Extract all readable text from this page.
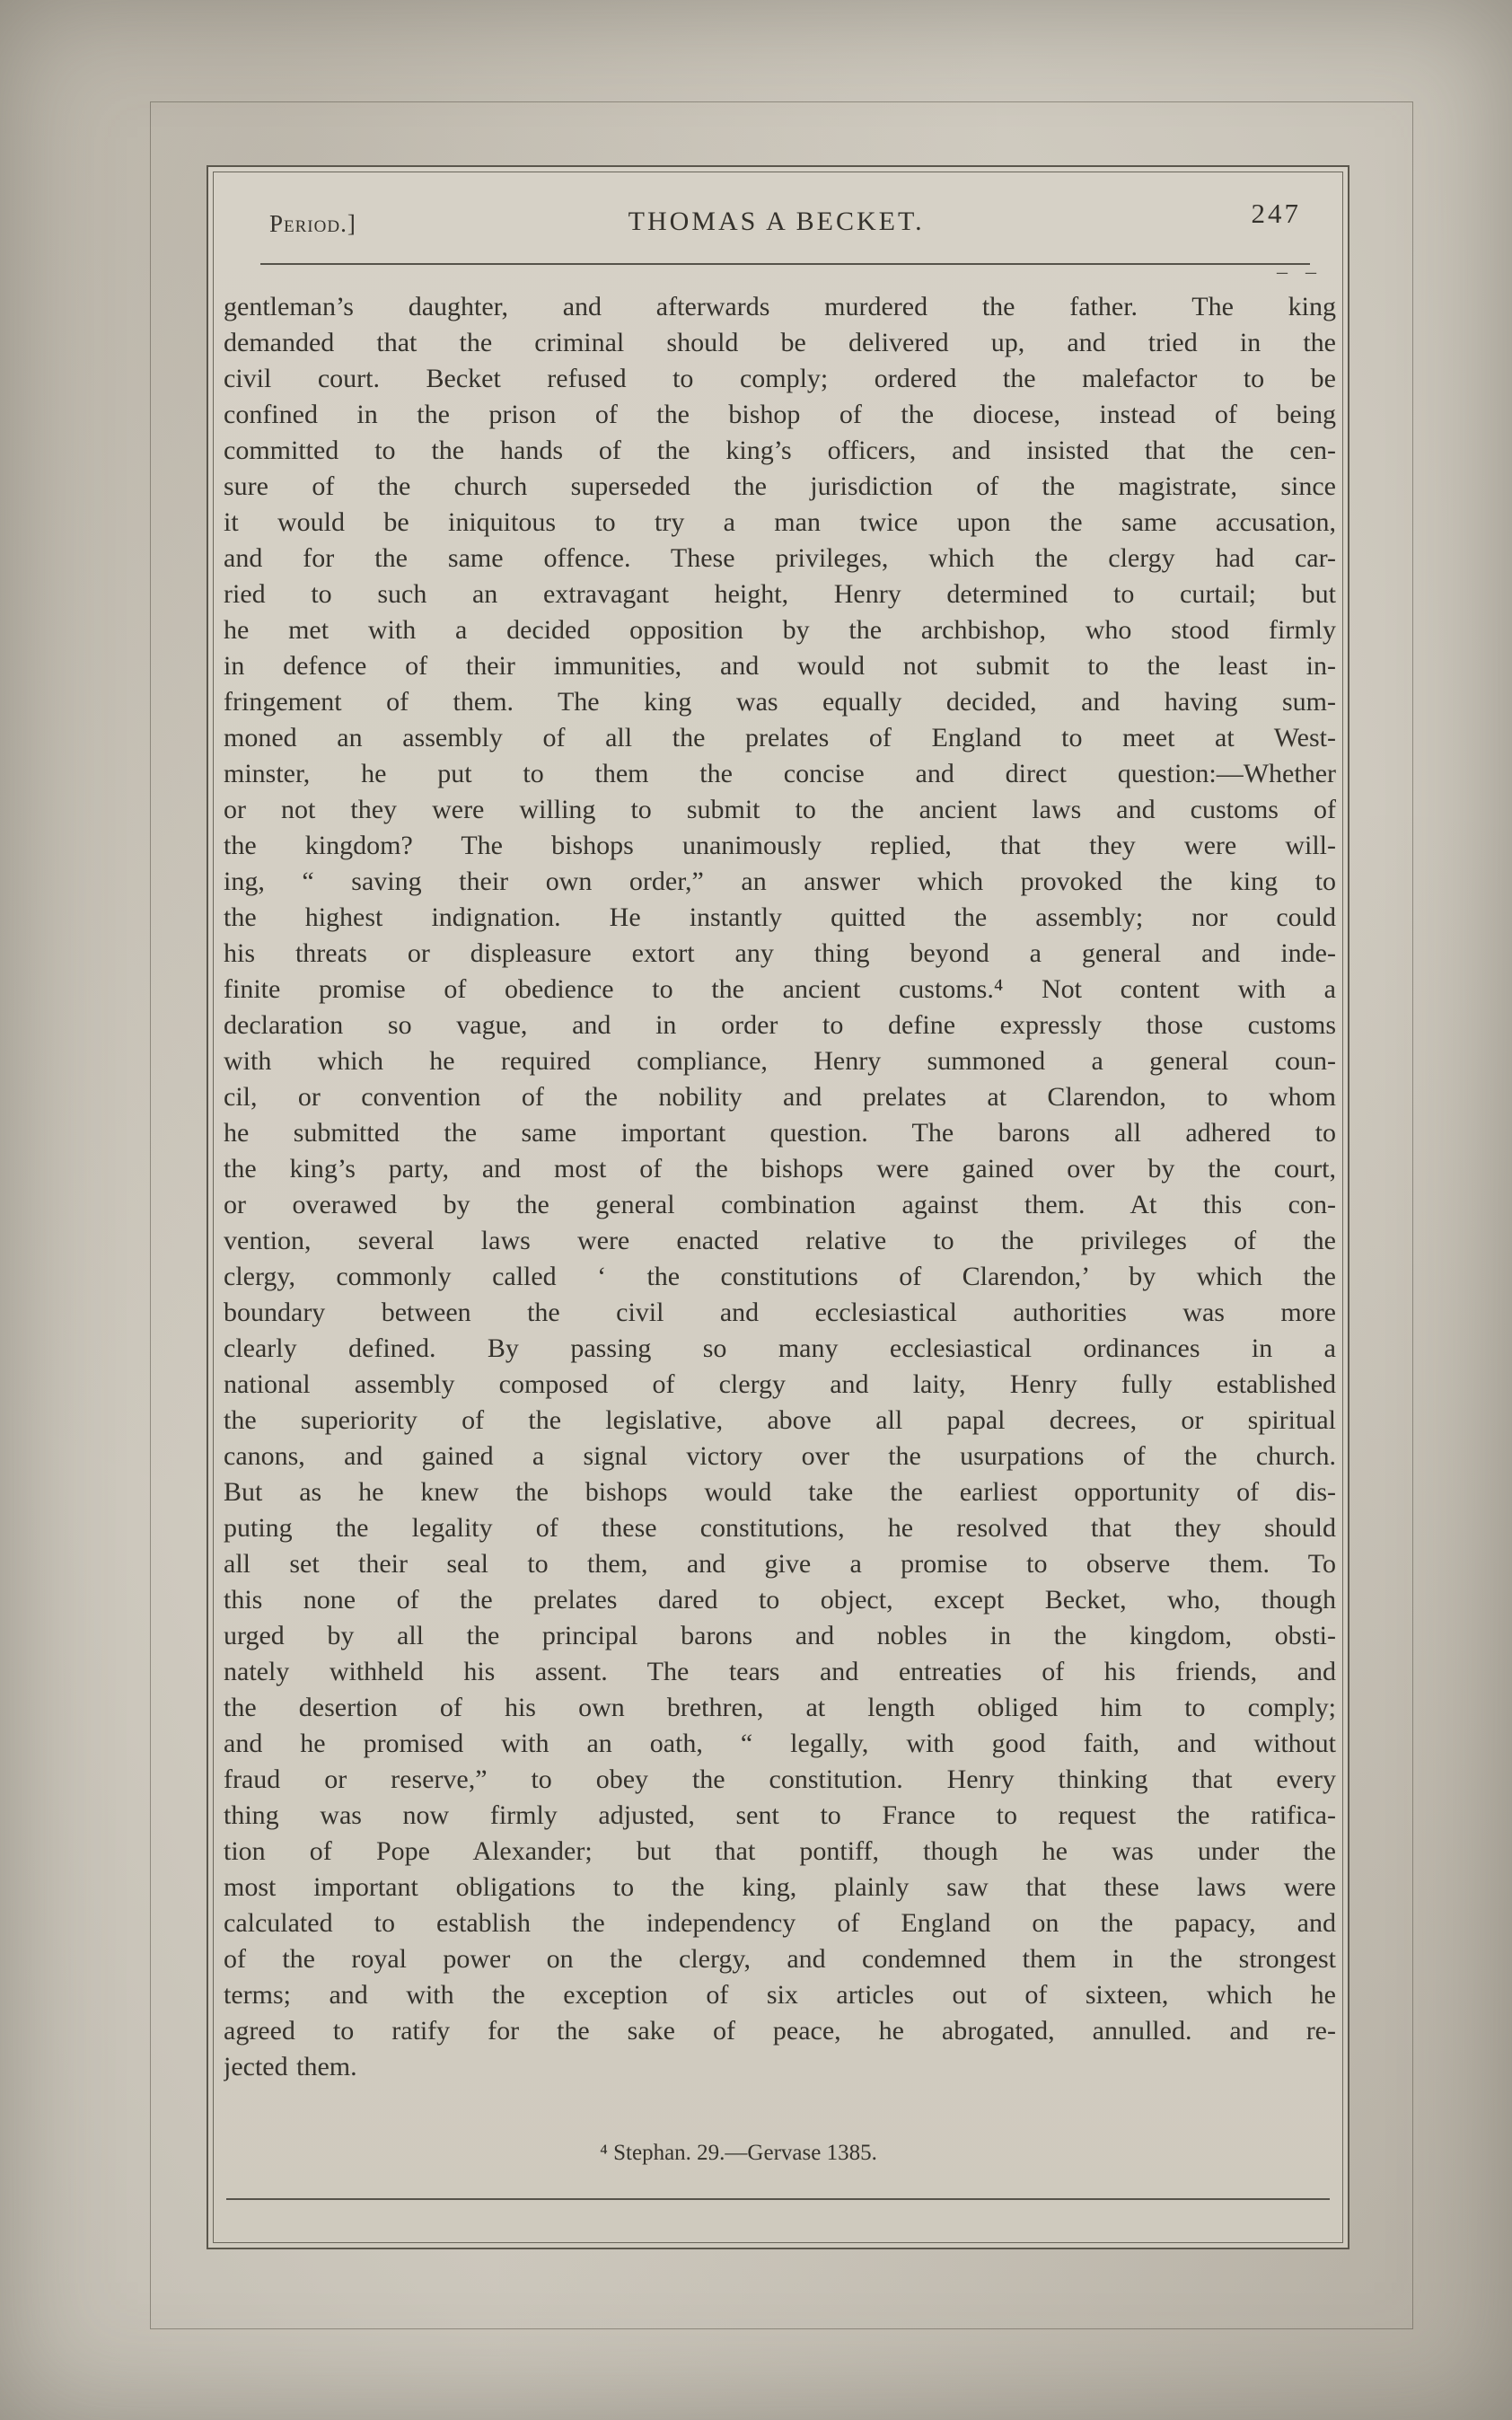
Period.]	THOMAS A BECKET.	247
– –
gentleman’s daughter, and afterwards murdered the father. The king
demanded that the criminal should be delivered up, and tried in the
civil court. Becket refused to comply; ordered the malefactor to be
confined in the prison of the bishop of the diocese, instead of being
committed to the hands of the king’s officers, and insisted that the cen-
sure of the church superseded the jurisdiction of the magistrate, since
it would be iniquitous to try a man twice upon the same accusation,
and for the same offence. These privileges, which the clergy had car-
ried to such an extravagant height, Henry determined to curtail; but
he met with a decided opposition by the archbishop, who stood firmly
in defence of their immunities, and would not submit to the least in-
fringement of them. The king was equally decided, and having sum-
moned an assembly of all the prelates of England to meet at West-
minster, he put to them the concise and direct question:—Whether
or not they were willing to submit to the ancient laws and customs of
the kingdom? The bishops unanimously replied, that they were will-
ing, “ saving their own order,” an answer which provoked the king to
the highest indignation. He instantly quitted the assembly; nor could
his threats or displeasure extort any thing beyond a general and inde-
finite promise of obedience to the ancient customs.⁴ Not content with a
declaration so vague, and in order to define expressly those customs
with which he required compliance, Henry summoned a general coun-
cil, or convention of the nobility and prelates at Clarendon, to whom
he submitted the same important question. The barons all adhered to
the king’s party, and most of the bishops were gained over by the court,
or overawed by the general combination against them. At this con-
vention, several laws were enacted relative to the privileges of the
clergy, commonly called ‘ the constitutions of Clarendon,’ by which the
boundary between the civil and ecclesiastical authorities was more
clearly defined. By passing so many ecclesiastical ordinances in a
national assembly composed of clergy and laity, Henry fully established
the superiority of the legislative, above all papal decrees, or spiritual
canons, and gained a signal victory over the usurpations of the church.
But as he knew the bishops would take the earliest opportunity of dis-
puting the legality of these constitutions, he resolved that they should
all set their seal to them, and give a promise to observe them. To
this none of the prelates dared to object, except Becket, who, though
urged by all the principal barons and nobles in the kingdom, obsti-
nately withheld his assent. The tears and entreaties of his friends, and
the desertion of his own brethren, at length obliged him to comply;
and he promised with an oath, “ legally, with good faith, and without
fraud or reserve,” to obey the constitution. Henry thinking that every
thing was now firmly adjusted, sent to France to request the ratifica-
tion of Pope Alexander; but that pontiff, though he was under the
most important obligations to the king, plainly saw that these laws were
calculated to establish the independency of England on the papacy, and
of the royal power on the clergy, and condemned them in the strongest
terms; and with the exception of six articles out of sixteen, which he
agreed to ratify for the sake of peace, he abrogated, annulled. and re-
jected them.
⁴ Stephan. 29.—Gervase 1385.
